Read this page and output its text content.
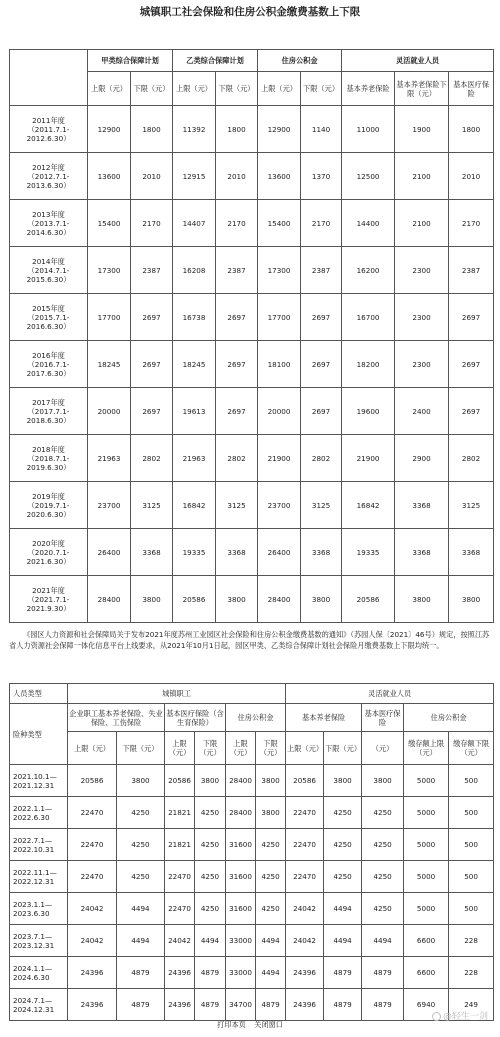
城镇职工社会保险和住房公积金缴费基数上下限
	甲类综合保障计划		乙类综合保障计划		住房公积金		灵活就业人员		
	上限（元）	下限（元）	上限（元）	下限（元）	上限（元）	下限（元）	基本养老保险	基本养老保险下限（元）	基本医疗保险

2011年度
（2011.7.1-2012.6.30）	12900	1800	11392	1800	12900	1140	11000	1900	1800

2012年度
（2012.7.1-2013.6.30）	13600	2010	12915	2010	13600	1370	12500	2100	2010

2013年度
（2013.7.1-2014.6.30）	15400	2170	14407	2170	15400	2170	14400	2100	2170

2014年度
（2014.7.1-2015.6.30）	17300	2387	16208	2387	17300	2387	16200	2300	2387

2015年度
（2015.7.1-2016.6.30）	17700	2697	16738	2697	17700	2697	16700	2300	2697

2016年度
（2016.7.1-2017.6.30）	18245	2697	18245	2697	18100	2697	18200	2300	2697

2017年度
（2017.7.1-2018.6.30）	20000	2697	19613	2697	20000	2697	19600	2400	2697

2018年度
（2018.7.1-2019.6.30）	21963	2802	21963	2802	21900	2802	21900	2900	2802

2019年度
（2019.7.1-2020.6.30）	23700	3125	16842	3125	23700	3125	16842	3368	3125

2020年度
（2020.7.1-2021.6.30）	26400	3368	19335	3368	26400	3368	19335	3368	3368

2021年度
（2021.7.1-2021.9.30）	28400	3800	20586	3800	28400	3800	20586	3800	3800

《园区人力资源和社会保障局关于发布2021年度苏州工业园区社会保险和住房公积金缴费基数的通知》（苏园人保〔2021〕46号）规定，按照江苏省人力资源社会保障一体化信息平台上线要求，从2021年10月1日起，园区甲类、乙类综合保障计划社会保险月缴费基数上下限均统一。

人员类型	城镇职工						灵活就业人员				
险种类型	企业职工基本养老保险、失业保险、工伤保险		基本医疗保险（含生育保险）		住房公积金		基本养老保险		基本医疗保险	住房公积金	
	上限（元）	下限（元）	上限（元）	下限（元）	上限（元）	下限（元）	上限（元）	下限（元）	（元）	缴存额上限（元）	缴存额下限（元）
2021.10.1—2021.12.31	20586	3800	20586	3800	28400	3800	20586	3800	3800	5000	500
2022.1.1—2022.6.30	22470	4250	21821	4250	28400	3800	22470	4250	4250	5000	500
2022.7.1—2022.10.31	22470	4250	21821	4250	31600	4250	22470	4250	4250	5000	500
2022.11.1—2022.12.31	22470	4250	22470	4250	31600	4250	22470	4250	4250	5000	500
2023.1.1—2023.6.30	24042	4494	22470	4250	31600	4250	24042	4494	4250	5000	500
2023.7.1—2023.12.31	24042	4494	24042	4494	33000	4494	24042	4494	4494	6600	228
2024.1.1—2024.6.30	24396	4879	24396	4879	33000	4494	24396	4879	4879	6600	228
2024.7.1—2024.12.31	24396	4879	24396	4879	34700	4879	24396	4879	4879	6940	249
打印本页 关闭窗口
@轻生一剑
